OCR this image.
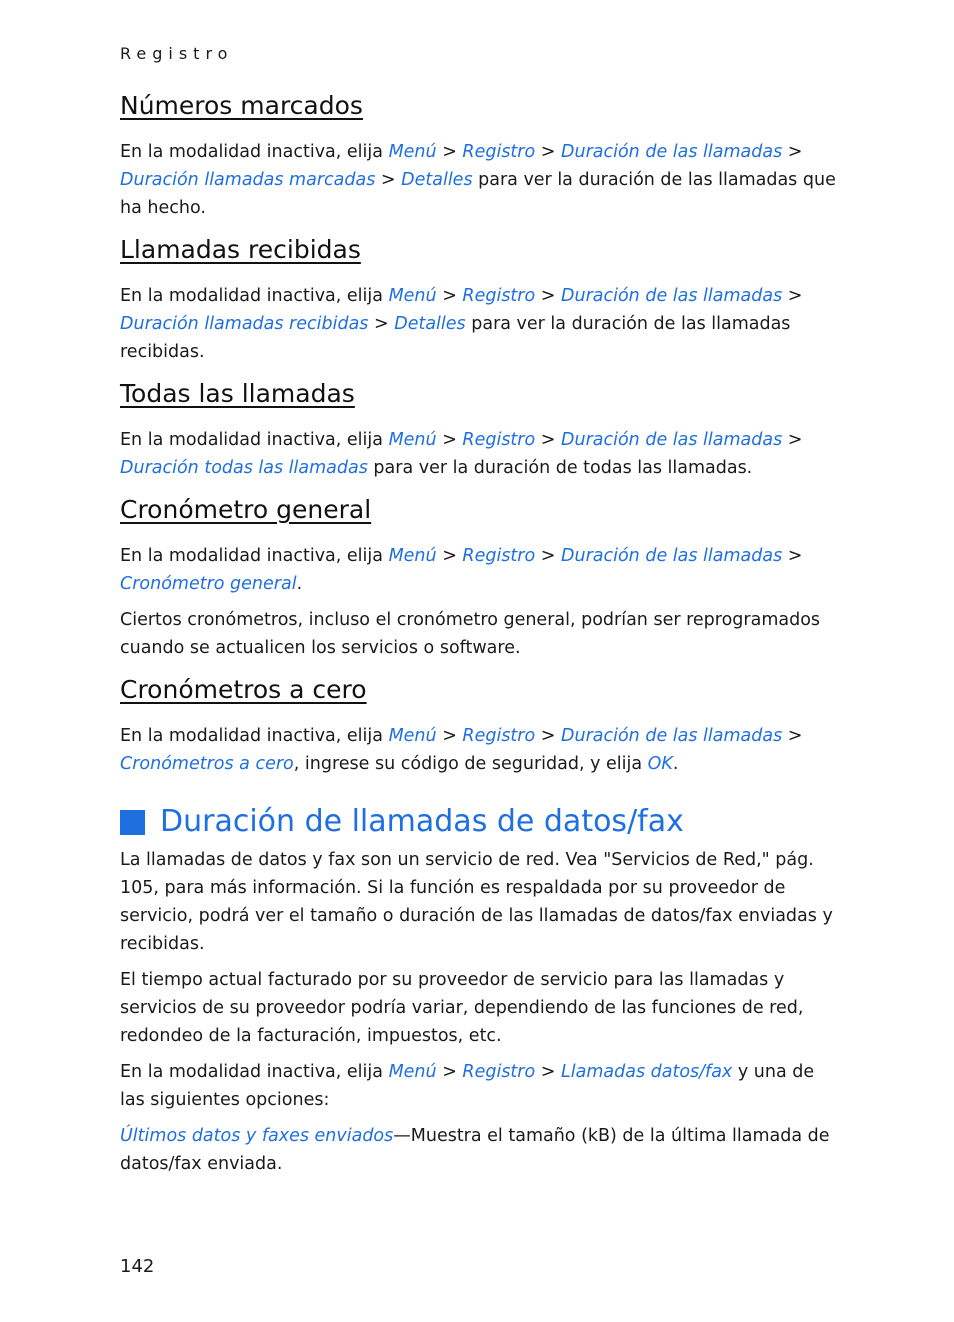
Registro
Números marcados

En la modalidad inactiva, elija Menú > Registro > Duración de las llamadas > Duración llamadas marcadas > Detalles para ver la duración de las llamadas que ha hecho.

Llamadas recibidas

En la modalidad inactiva, elija Menú > Registro > Duración de las llamadas > Duración llamadas recibidas > Detalles para ver la duración de las llamadas recibidas.

Todas las llamadas

En la modalidad inactiva, elija Menú > Registro > Duración de las llamadas > Duración todas las llamadas para ver la duración de todas las llamadas.

Cronómetro general

En la modalidad inactiva, elija Menú > Registro > Duración de las llamadas > Cronómetro general.

Ciertos cronómetros, incluso el cronómetro general, podrían ser reprogramados cuando se actualicen los servicios o software.

Cronómetros a cero

En la modalidad inactiva, elija Menú > Registro > Duración de las llamadas > Cronómetros a cero, ingrese su código de seguridad, y elija OK.

Duración de llamadas de datos/fax

La llamadas de datos y fax son un servicio de red. Vea "Servicios de Red," pág. 105, para más información. Si la función es respaldada por su proveedor de servicio, podrá ver el tamaño o duración de las llamadas de datos/fax enviadas y recibidas.

El tiempo actual facturado por su proveedor de servicio para las llamadas y servicios de su proveedor podría variar, dependiendo de las funciones de red, redondeo de la facturación, impuestos, etc.

En la modalidad inactiva, elija Menú > Registro > Llamadas datos/fax y una de las siguientes opciones:

Últimos datos y faxes enviados—Muestra el tamaño (kB) de la última llamada de datos/fax enviada.

142
